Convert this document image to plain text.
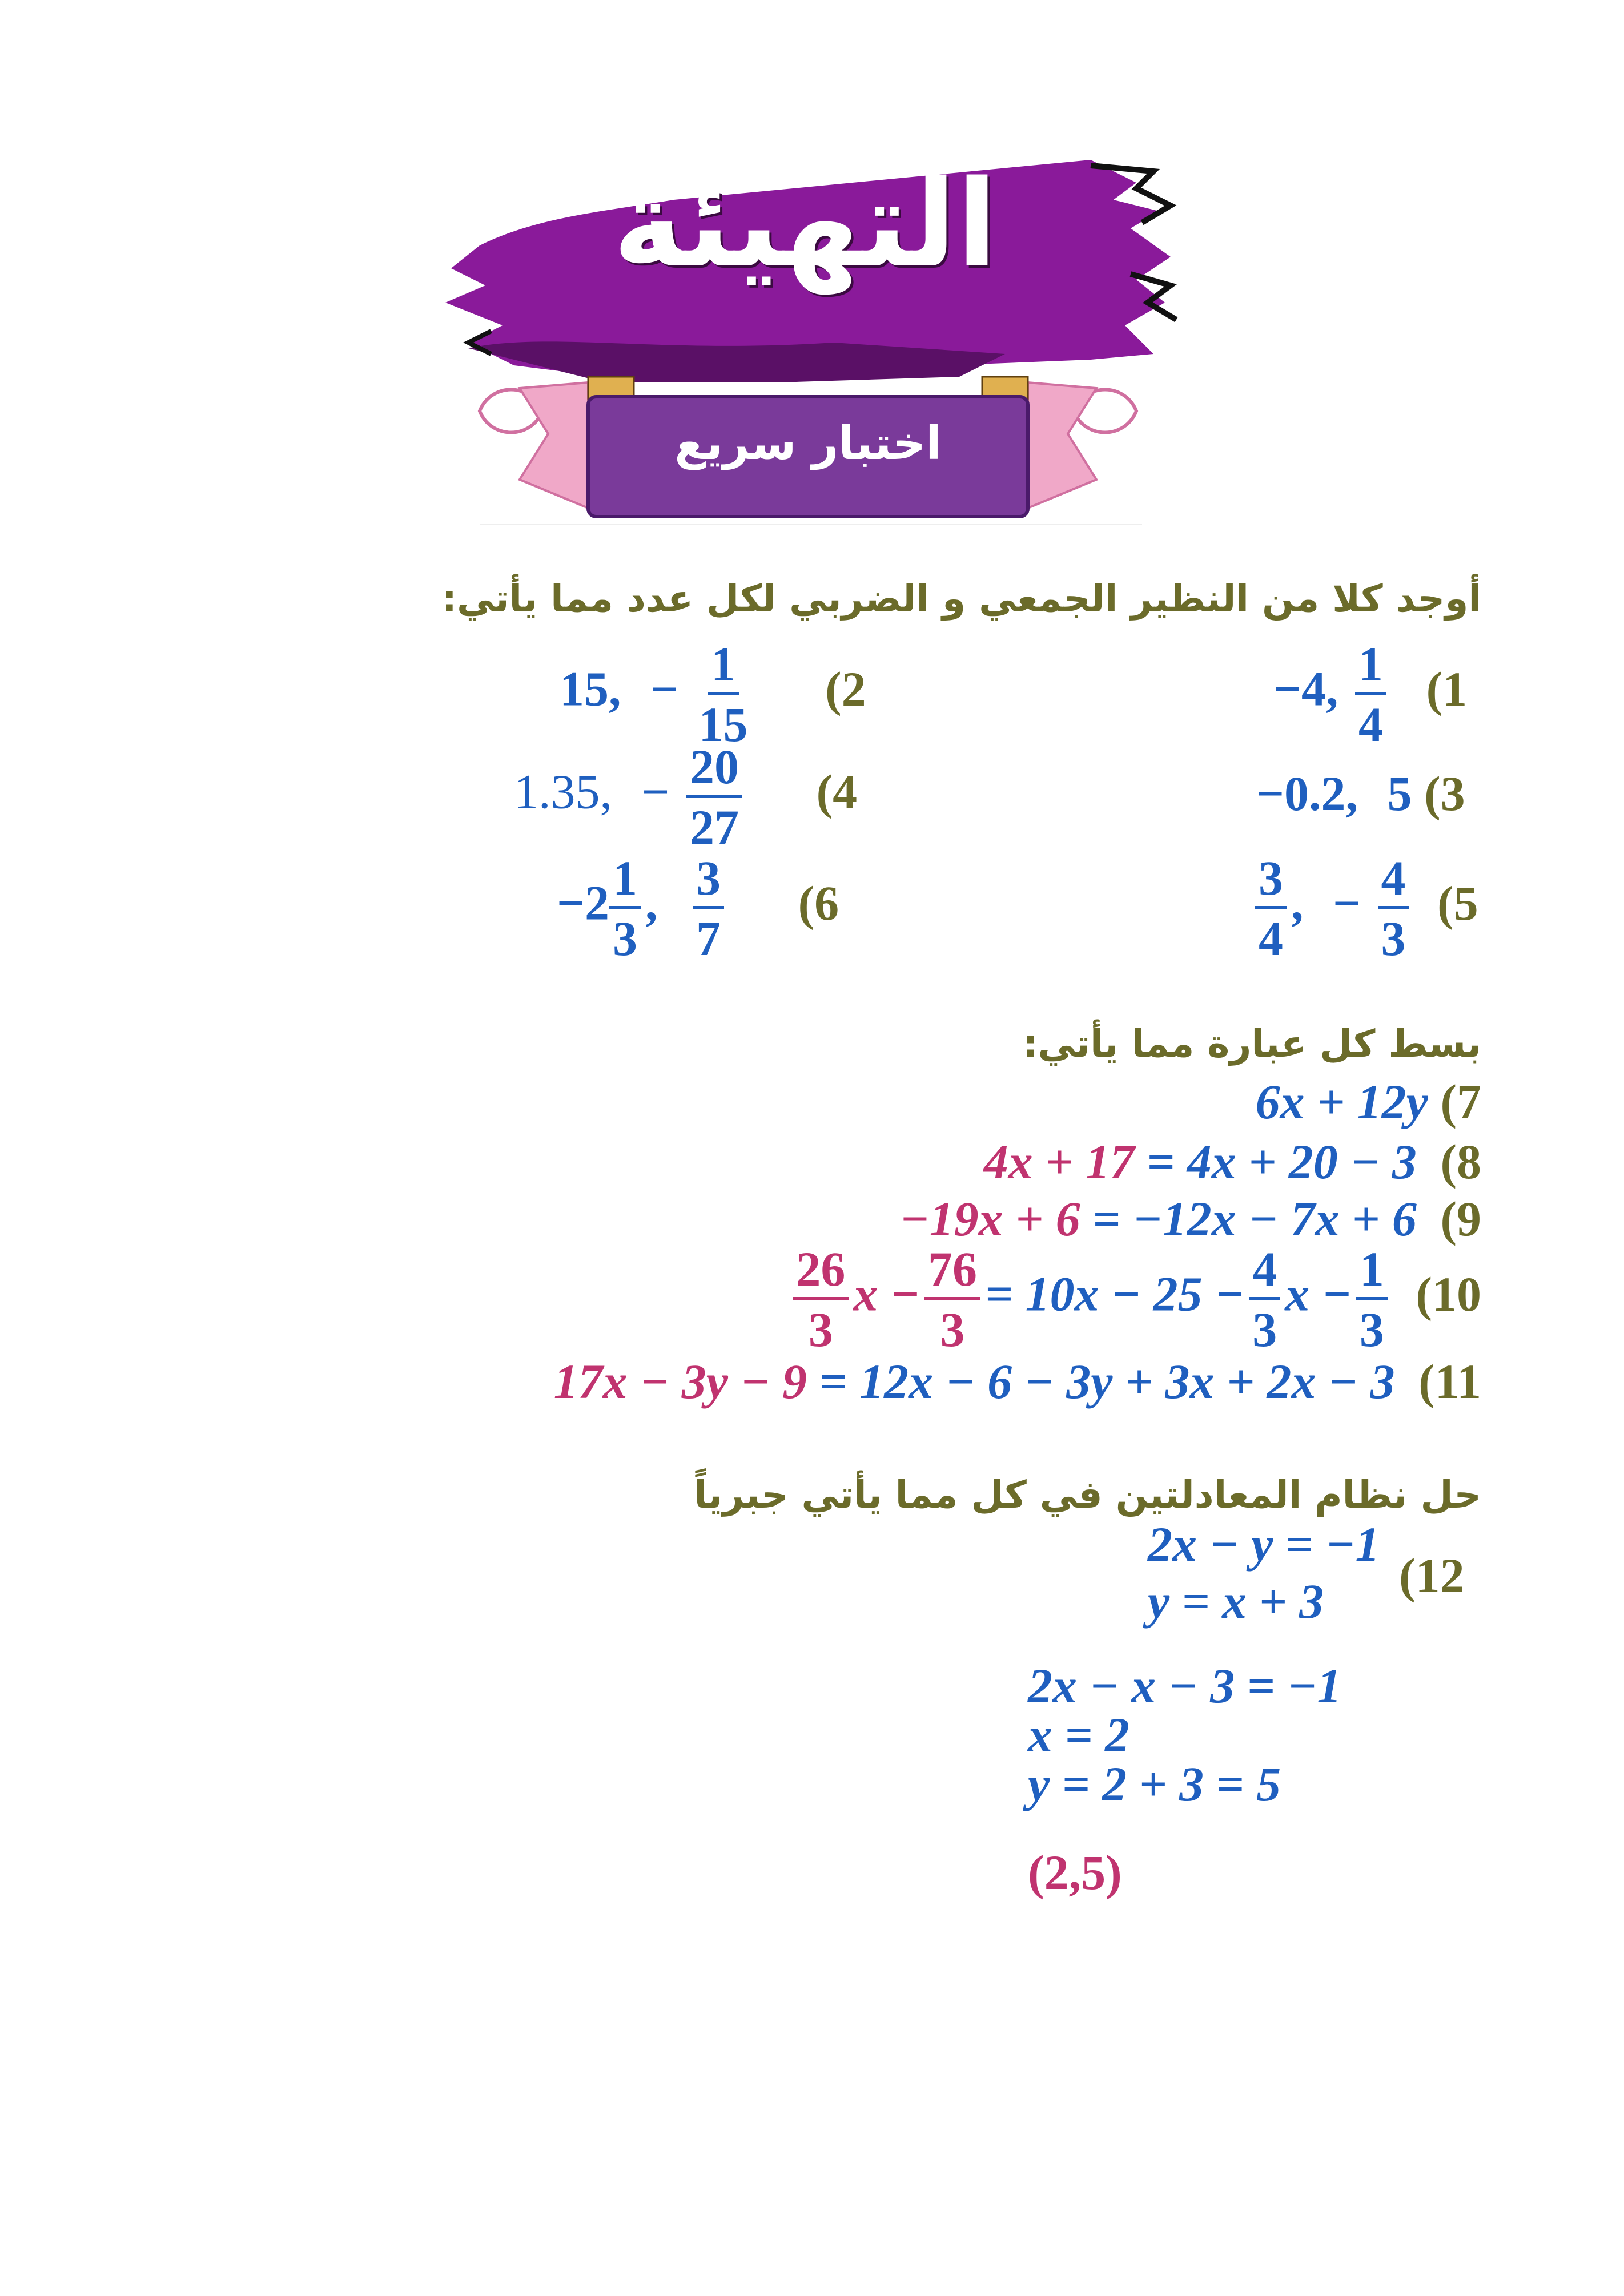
التهيئة
اختبار سريع
أوجد كلا من النظير الجمعي و الضربي لكل عدد مما يأتي:
−4, $\frac{1}{4} (1$
15, − $\frac{1}{15} (2$
−0.2, 5 (3
1.35, − $\frac{20}{27} (4$
$\frac{3}{4}$ , − $\frac{4}{3} (5$
$-2 \frac{1}{3}$ , $\frac{3}{7} (6$
بسط كل عبارة مما يأتي:
6x + 12y (7
4x + 17 = 4x + 20 − 3 (8
−19x + 6 = −12x − 7x + 6 (9
$\frac{26}{3}$ $x - \frac{76}{3} = 10x - 25 - \frac{4}{3}$ $x - \frac{1}{3} (10$
17x − 3y − 9 = 12x − 6 − 3y + 3x + 2x − 3 (11
حل نظام المعادلتين في كل مما يأتي جبرياً
2x − y = −1
y = x + 3	(12
2x − x − 3 = −1
x = 2
y = 2 + 3 = 5
(2,5)
